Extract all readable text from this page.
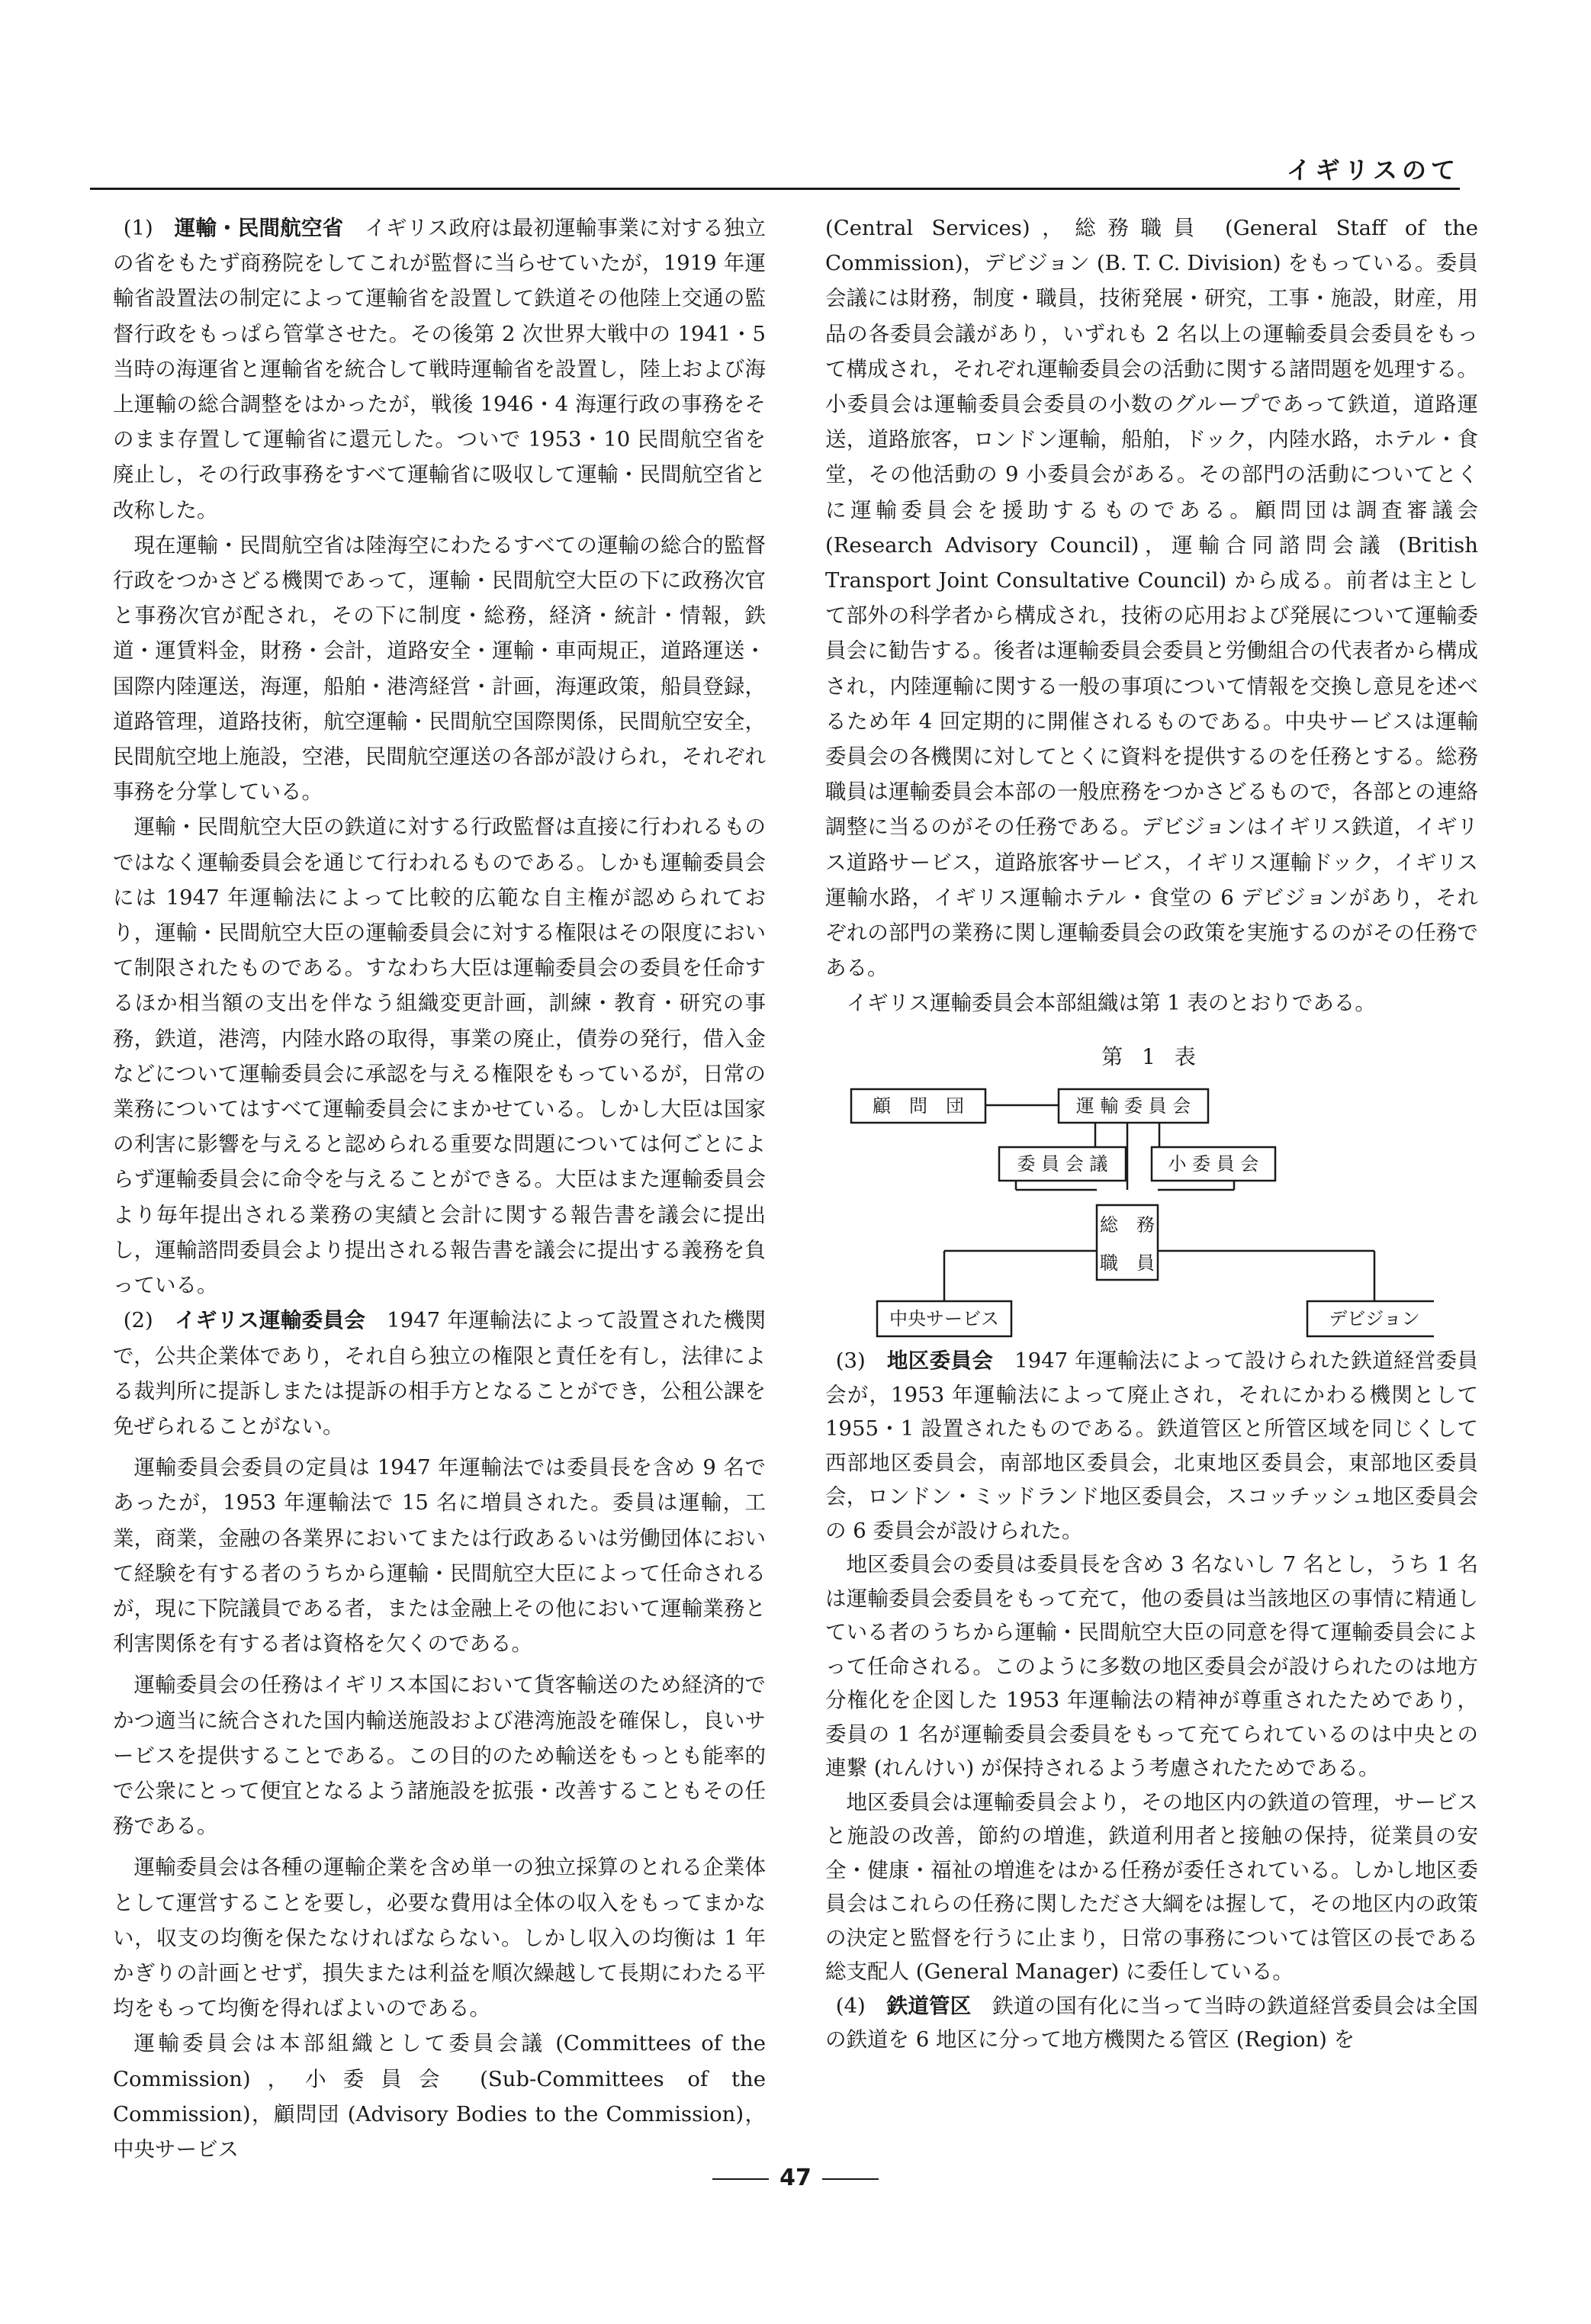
イギリスのて

(1)　 運輸・民間航空省　 イギリス政府は最初運輸事業に対する独立の省をもたず商務院をしてこれが監督に当らせていたが，1919 年運輸省設置法の制定によって運輸省を設置して鉄道その他陸上交通の監督行政をもっぱら管掌させた。その後第 2 次世界大戦中の 1941・5 当時の海運省と運輸省を統合して戦時運輸省を設置し，陸上および海上運輸の総合調整をはかったが，戦後 1946・4 海運行政の事務をそのまま存置して運輸省に還元した。ついで 1953・10 民間航空省を廃止し，その行政事務をすべて運輸省に吸収して運輸・民間航空省と改称した。

現在運輸・民間航空省は陸海空にわたるすべての運輸の総合的監督行政をつかさどる機関であって，運輸・民間航空大臣の下に政務次官と事務次官が配され，その下に制度・総務，経済・統計・情報，鉄道・運賃料金，財務・会計，道路安全・運輸・車両規正，道路運送・国際内陸運送，海運，船舶・港湾経営・計画，海運政策，船員登録，道路管理，道路技術，航空運輸・民間航空国際関係，民間航空安全，民間航空地上施設，空港，民間航空運送の各部が設けられ，それぞれ事務を分掌している。

運輸・民間航空大臣の鉄道に対する行政監督は直接に行われるものではなく運輸委員会を通じて行われるものである。しかも運輸委員会には 1947 年運輸法によって比較的広範な自主権が認められており，運輸・民間航空大臣の運輸委員会に対する権限はその限度において制限されたものである。すなわち大臣は運輸委員会の委員を任命するほか相当額の支出を伴なう組織変更計画，訓練・教育・研究の事務，鉄道，港湾，内陸水路の取得，事業の廃止，債券の発行，借入金などについて運輸委員会に承認を与える権限をもっているが，日常の業務についてはすべて運輸委員会にまかせている。しかし大臣は国家の利害に影響を与えると認められる重要な問題については何ごとによらず運輸委員会に命令を与えることができる。大臣はまた運輸委員会より毎年提出される業務の実績と会計に関する報告書を議会に提出し，運輸諮問委員会より提出される報告書を議会に提出する義務を負っている。

(2)　 イギリス運輸委員会　 1947 年運輸法によって設置された機関で，公共企業体であり，それ自ら独立の権限と責任を有し，法律による裁判所に提訴しまたは提訴の相手方となることができ，公租公課を免ぜられることがない。

運輸委員会委員の定員は 1947 年運輸法では委員長を含め 9 名であったが，1953 年運輸法で 15 名に増員された。委員は運輸，工業，商業，金融の各業界においてまたは行政あるいは労働団体において経験を有する者のうちから運輸・民間航空大臣によって任命されるが，現に下院議員である者，または金融上その他において運輸業務と利害関係を有する者は資格を欠くのである。

運輸委員会の任務はイギリス本国において貨客輸送のため経済的でかつ適当に統合された国内輸送施設および港湾施設を確保し，良いサービスを提供することである。この目的のため輸送をもっとも能率的で公衆にとって便宜となるよう諸施設を拡張・改善することもその任務である。

運輸委員会は各種の運輸企業を含め単一の独立採算のとれる企業体として運営することを要し，必要な費用は全体の収入をもってまかない，収支の均衡を保たなければならない。しかし収入の均衡は 1 年かぎりの計画とせず，損失または利益を順次繰越して長期にわたる平均をもって均衡を得ればよいのである。

運輸委員会は本部組織として委員会議 (Committees of the Commission)，小委員会 (Sub-Committees of the Commission)，顧問団 (Advisory Bodies to the Commission)，中央サービス

(Central Services)，総務職員 (General Staff of the Commission)，デビジョン (B. T. C. Division) をもっている。委員会議には財務，制度・職員，技術発展・研究，工事・施設，財産，用品の各委員会議があり，いずれも 2 名以上の運輸委員会委員をもって構成され，それぞれ運輸委員会の活動に関する諸問題を処理する。小委員会は運輸委員会委員の小数のグループであって鉄道，道路運送，道路旅客，ロンドン運輸，船舶，ドック，内陸水路，ホテル・食堂，その他活動の 9 小委員会がある。その部門の活動についてとくに運輸委員会を援助するものである。顧問団は調査審議会 (Research Advisory Council)，運輸合同諮問会議 (British Transport Joint Consultative Council) から成る。前者は主として部外の科学者から構成され，技術の応用および発展について運輸委員会に勧告する。後者は運輸委員会委員と労働組合の代表者から構成され，内陸運輸に関する一般の事項について情報を交換し意見を述べるため年 4 回定期的に開催されるものである。中央サービスは運輸委員会の各機関に対してとくに資料を提供するのを任務とする。総務職員は運輸委員会本部の一般庶務をつかさどるもので，各部との連絡調整に当るのがその任務である。デビジョンはイギリス鉄道，イギリス道路サービス，道路旅客サービス，イギリス運輸ドック，イギリス運輸水路，イギリス運輸ホテル・食堂の 6 デビジョンがあり，それぞれの部門の業務に関し運輸委員会の政策を実施するのがその任務である。

イギリス運輸委員会本部組織は第 1 表のとおりである。

第 1 表
顧　問　団	運 輸 委 員 会
委 員 会 議	小 委 員 会
総　務
職　員
中央サービス	デビジョン

(3)　 地区委員会　 1947 年運輸法によって設けられた鉄道経営委員会が，1953 年運輸法によって廃止され，それにかわる機関として 1955・1 設置されたものである。鉄道管区と所管区域を同じくして西部地区委員会，南部地区委員会，北東地区委員会，東部地区委員会，ロンドン・ミッドランド地区委員会，スコッチッシュ地区委員会の 6 委員会が設けられた。

地区委員会の委員は委員長を含め 3 名ないし 7 名とし，うち 1 名は運輸委員会委員をもって充て，他の委員は当該地区の事情に精通している者のうちから運輸・民間航空大臣の同意を得て運輸委員会によって任命される。このように多数の地区委員会が設けられたのは地方分権化を企図した 1953 年運輸法の精神が尊重されたためであり，委員の 1 名が運輸委員会委員をもって充てられているのは中央との連繋 (れんけい) が保持されるよう考慮されたためである。

地区委員会は運輸委員会より，その地区内の鉄道の管理，サービスと施設の改善，節約の増進，鉄道利用者と接触の保持，従業員の安全・健康・福祉の増進をはかる任務が委任されている。しかし地区委員会はこれらの任務に関したださ大綱をは握して，その地区内の政策の決定と監督を行うに止まり，日常の事務については管区の長である総支配人 (General Manager) に委任している。

(4)　 鉄道管区　 鉄道の国有化に当って当時の鉄道経営委員会は全国の鉄道を 6 地区に分って地方機関たる管区 (Region) を

47
